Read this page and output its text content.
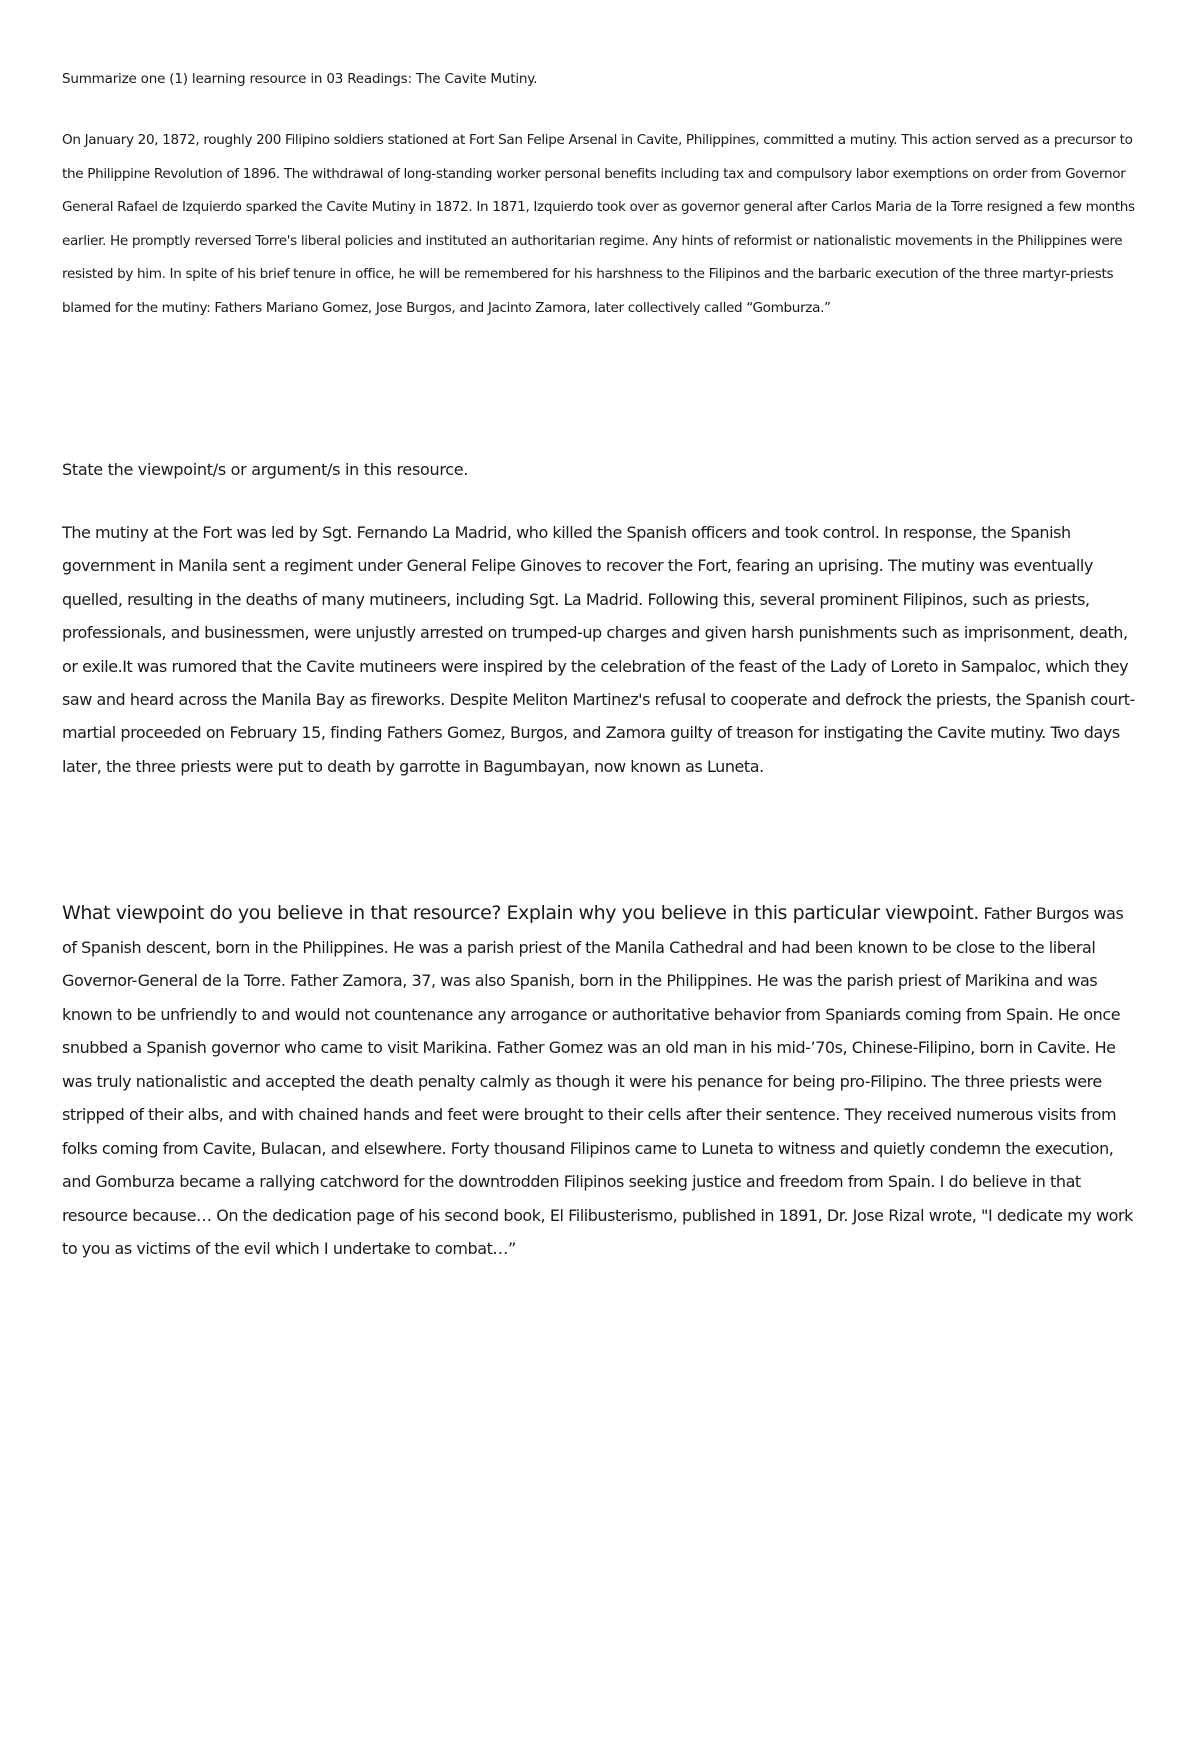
Summarize one (1) learning resource in 03 Readings: The Cavite Mutiny.

On January 20, 1872, roughly 200 Filipino soldiers stationed at Fort San Felipe Arsenal in Cavite, Philippines, committed a mutiny. This action served as a precursor to the Philippine Revolution of 1896. The withdrawal of long-standing worker personal benefits including tax and compulsory labor exemptions on order from Governor General Rafael de Izquierdo sparked the Cavite Mutiny in 1872. In 1871, Izquierdo took over as governor general after Carlos Maria de la Torre resigned a few months earlier. He promptly reversed Torre's liberal policies and instituted an authoritarian regime. Any hints of reformist or nationalistic movements in the Philippines were resisted by him. In spite of his brief tenure in office, he will be remembered for his harshness to the Filipinos and the barbaric execution of the three martyr-priests blamed for the mutiny: Fathers Mariano Gomez, Jose Burgos, and Jacinto Zamora, later collectively called “Gomburza.”

State the viewpoint/s or argument/s in this resource.

The mutiny at the Fort was led by Sgt. Fernando La Madrid, who killed the Spanish officers and took control. In response, the Spanish government in Manila sent a regiment under General Felipe Ginoves to recover the Fort, fearing an uprising. The mutiny was eventually quelled, resulting in the deaths of many mutineers, including Sgt. La Madrid. Following this, several prominent Filipinos, such as priests, professionals, and businessmen, were unjustly arrested on trumped-up charges and given harsh punishments such as imprisonment, death, or exile.It was rumored that the Cavite mutineers were inspired by the celebration of the feast of the Lady of Loreto in Sampaloc, which they saw and heard across the Manila Bay as fireworks. Despite Meliton Martinez's refusal to cooperate and defrock the priests, the Spanish court-martial proceeded on February 15, finding Fathers Gomez, Burgos, and Zamora guilty of treason for instigating the Cavite mutiny. Two days later, the three priests were put to death by garrotte in Bagumbayan, now known as Luneta.

What viewpoint do you believe in that resource? Explain why you believe in this particular viewpoint. Father Burgos was of Spanish descent, born in the Philippines. He was a parish priest of the Manila Cathedral and had been known to be close to the liberal Governor-General de la Torre. Father Zamora, 37, was also Spanish, born in the Philippines. He was the parish priest of Marikina and was known to be unfriendly to and would not countenance any arrogance or authoritative behavior from Spaniards coming from Spain. He once snubbed a Spanish governor who came to visit Marikina. Father Gomez was an old man in his mid-’70s, Chinese-Filipino, born in Cavite. He was truly nationalistic and accepted the death penalty calmly as though it were his penance for being pro-Filipino. The three priests were stripped of their albs, and with chained hands and feet were brought to their cells after their sentence. They received numerous visits from folks coming from Cavite, Bulacan, and elsewhere. Forty thousand Filipinos came to Luneta to witness and quietly condemn the execution, and Gomburza became a rallying catchword for the downtrodden Filipinos seeking justice and freedom from Spain. I do believe in that resource because… On the dedication page of his second book, El Filibusterismo, published in 1891, Dr. Jose Rizal wrote, "I dedicate my work to you as victims of the evil which I undertake to combat…”
